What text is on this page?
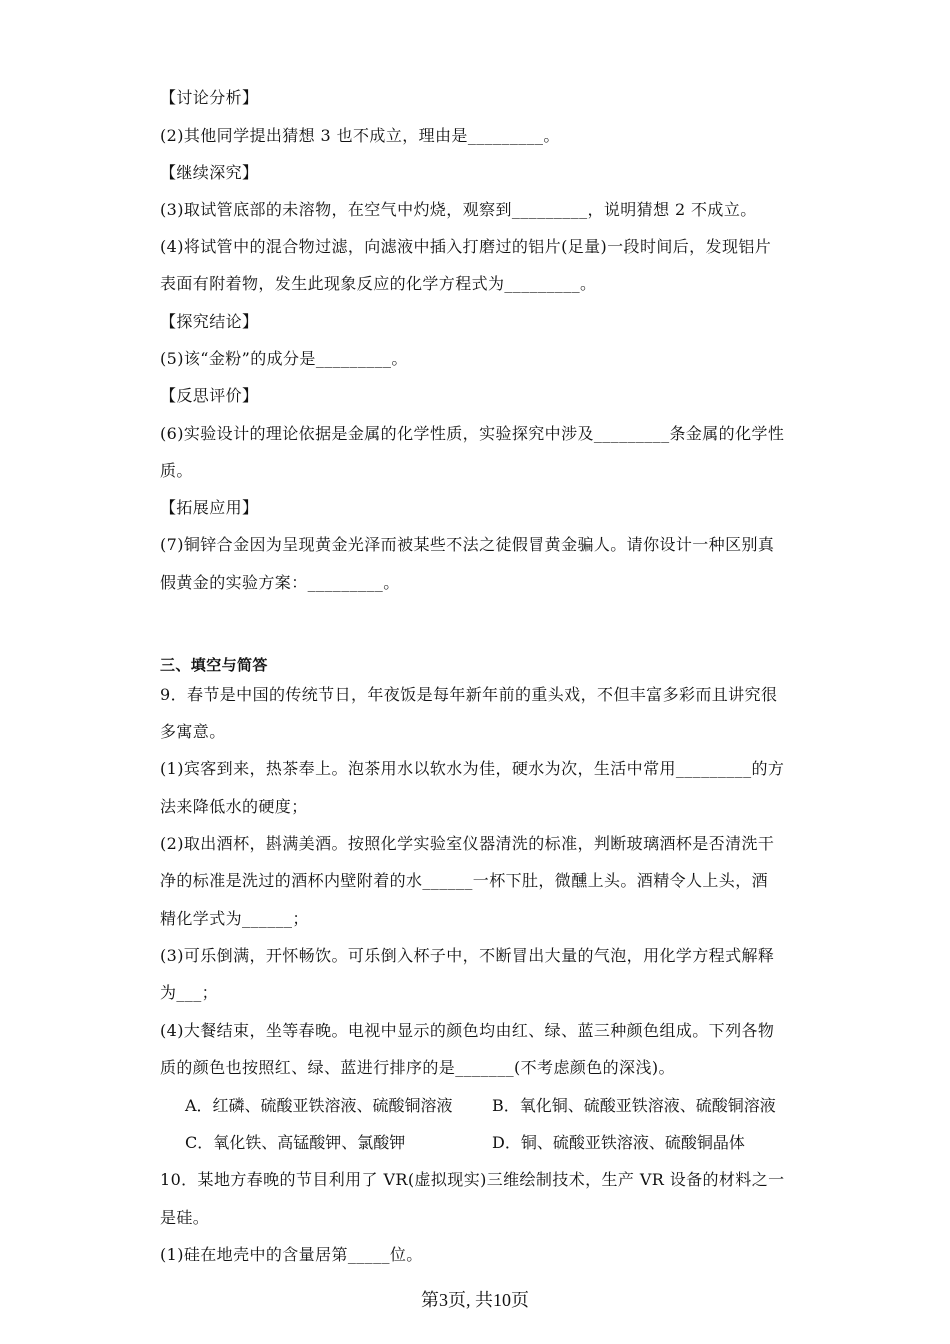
【讨论分析】
(2)其他同学提出猜想 3 也不成立，理由是_________。
【继续深究】
(3)取试管底部的未溶物，在空气中灼烧，观察到_________，说明猜想 2 不成立。
(4)将试管中的混合物过滤，向滤液中插入打磨过的铝片(足量)一段时间后，发现铝片
表面有附着物，发生此现象反应的化学方程式为_________。
【探究结论】
(5)该“金粉”的成分是_________。
【反思评价】
(6)实验设计的理论依据是金属的化学性质，实验探究中涉及_________条金属的化学性
质。
【拓展应用】
(7)铜锌合金因为呈现黄金光泽而被某些不法之徒假冒黄金骗人。请你设计一种区别真
假黄金的实验方案：_________。
三、填空与简答
9．春节是中国的传统节日，年夜饭是每年新年前的重头戏，不但丰富多彩而且讲究很
多寓意。
(1)宾客到来，热茶奉上。泡茶用水以软水为佳，硬水为次，生活中常用_________的方
法来降低水的硬度；
(2)取出酒杯，斟满美酒。按照化学实验室仪器清洗的标准，判断玻璃酒杯是否清洗干
净的标准是洗过的酒杯内壁附着的水______一杯下肚，微醺上头。酒精令人上头，酒
精化学式为______；
(3)可乐倒满，开怀畅饮。可乐倒入杯子中，不断冒出大量的气泡，用化学方程式解释
为___；
(4)大餐结束，坐等春晚。电视中显示的颜色均由红、绿、蓝三种颜色组成。下列各物
质的颜色也按照红、绿、蓝进行排序的是_______(不考虑颜色的深浅)。
A．红磷、硫酸亚铁溶液、硫酸铜溶液 B．氧化铜、硫酸亚铁溶液、硫酸铜溶液
C．氧化铁、高锰酸钾、氯酸钾	D．铜、硫酸亚铁溶液、硫酸铜晶体
10．某地方春晚的节目利用了 VR(虚拟现实)三维绘制技术，生产 VR 设备的材料之一
是硅。
(1)硅在地壳中的含量居第_____位。
第3页, 共10页
